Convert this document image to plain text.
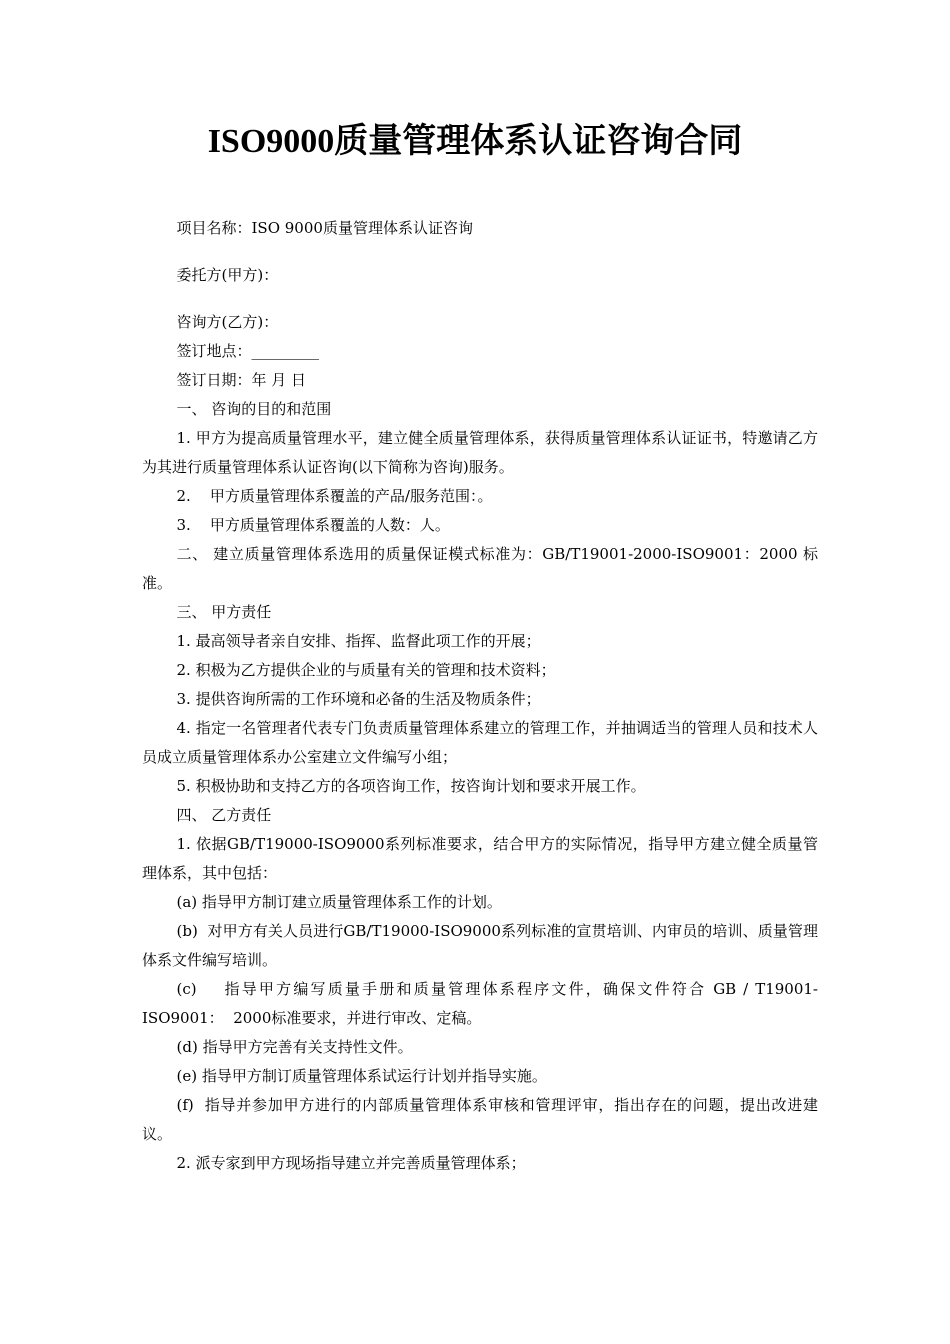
ISO9000质量管理体系认证咨询合同

项目名称：ISO 9000质量管理体系认证咨询

委托方(甲方)：

咨询方(乙方)：

签订地点：_________

签订日期：年 月 日

一、 咨询的目的和范围

1. 甲方为提高质量管理水平，建立健全质量管理体系，获得质量管理体系认证证书，特邀请乙方为其进行质量管理体系认证咨询(以下简称为咨询)服务。

2.    甲方质量管理体系覆盖的产品/服务范围：。

3.    甲方质量管理体系覆盖的人数：人。

二、 建立质量管理体系选用的质量保证模式标准为：GB/T19001-2000-ISO9001：2000 标准。

三、 甲方责任

1. 最高领导者亲自安排、指挥、监督此项工作的开展；

2. 积极为乙方提供企业的与质量有关的管理和技术资料；

3. 提供咨询所需的工作环境和必备的生活及物质条件；

4. 指定一名管理者代表专门负责质量管理体系建立的管理工作，并抽调适当的管理人员和技术人员成立质量管理体系办公室建立文件编写小组；

5. 积极协助和支持乙方的各项咨询工作，按咨询计划和要求开展工作。

四、 乙方责任

1. 依据GB/T19000-ISO9000系列标准要求，结合甲方的实际情况，指导甲方建立健全质量管理体系，其中包括：

(a) 指导甲方制订建立质量管理体系工作的计划。

(b)  对甲方有关人员进行GB/T19000-ISO9000系列标准的宣贯培训、内审员的培训、质量管理体系文件编写培训。

(c)    指导甲方编写质量手册和质量管理体系程序文件，确保文件符合 GB / T19001-ISO9001：  2000标准要求，并进行审改、定稿。

(d) 指导甲方完善有关支持性文件。

(e) 指导甲方制订质量管理体系试运行计划并指导实施。

(f)  指导并参加甲方进行的内部质量管理体系审核和管理评审，指出存在的问题，提出改进建议。

2. 派专家到甲方现场指导建立并完善质量管理体系；
